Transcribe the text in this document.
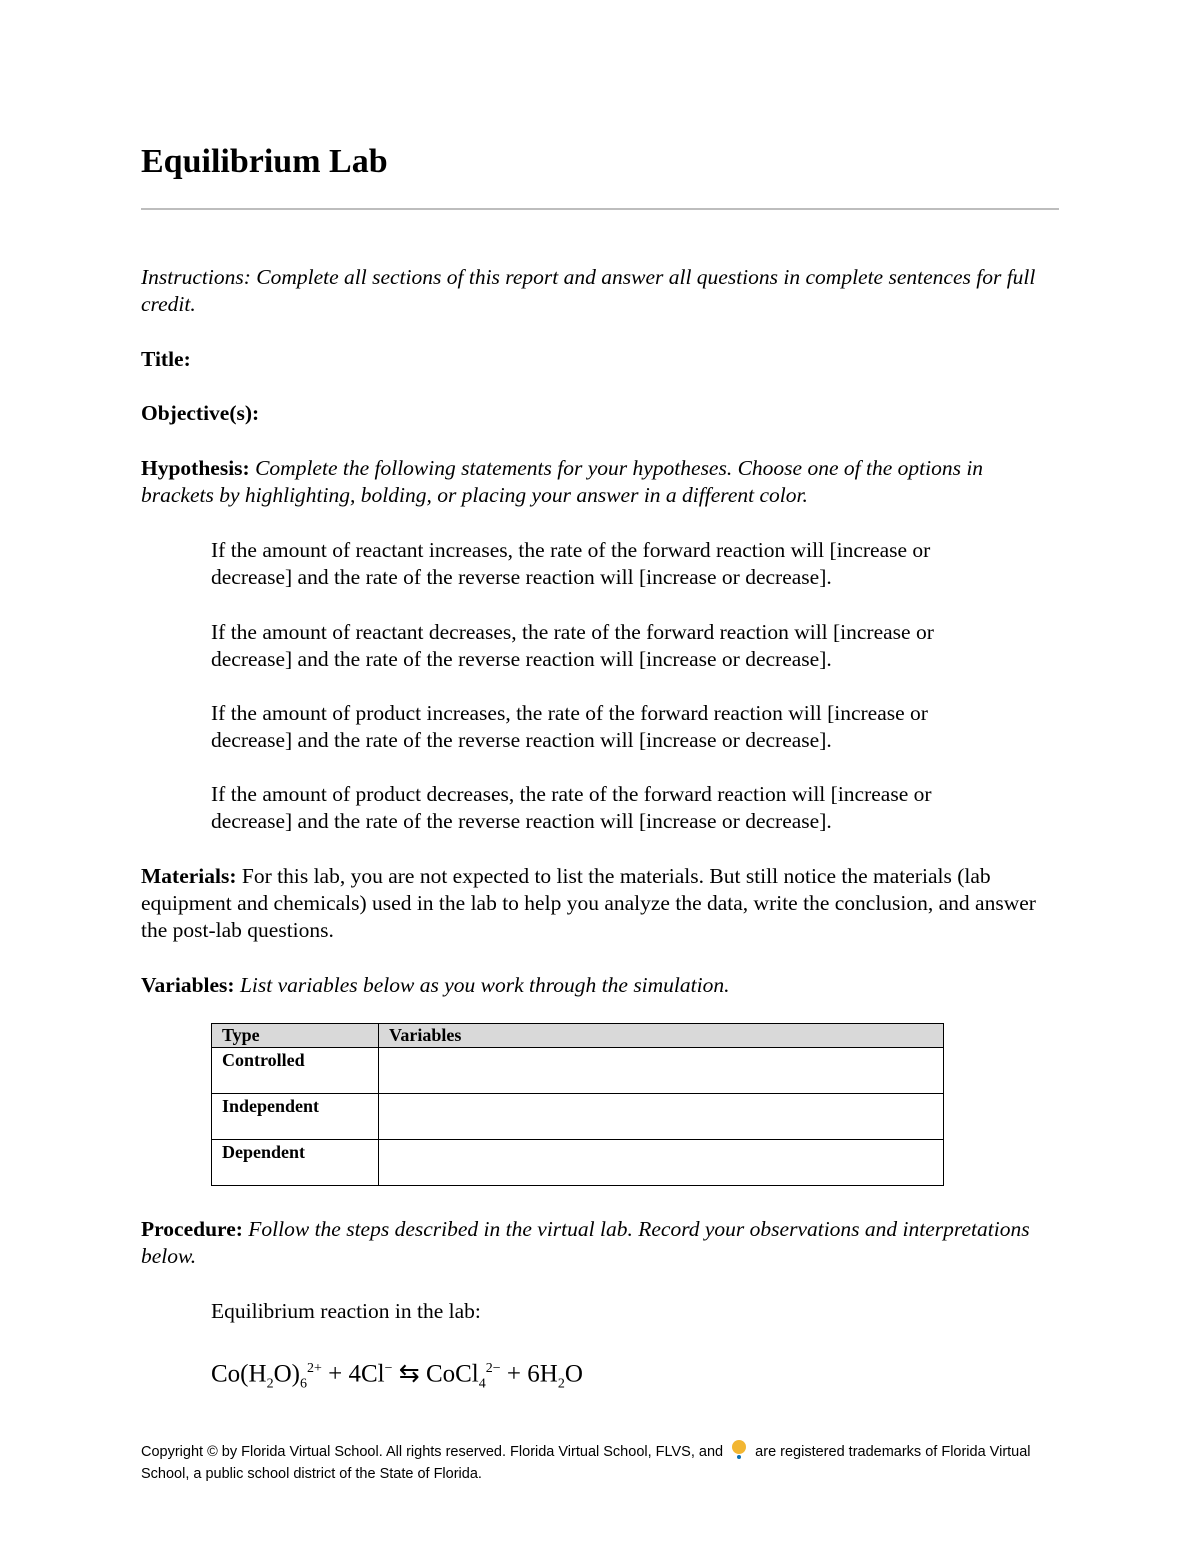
Equilibrium Lab
Instructions: Complete all sections of this report and answer all questions in complete sentences for full credit.
Title:
Objective(s):
Hypothesis: Complete the following statements for your hypotheses. Choose one of the options in brackets by highlighting, bolding, or placing your answer in a different color.
If the amount of reactant increases, the rate of the forward reaction will [increase or decrease] and the rate of the reverse reaction will [increase or decrease].
If the amount of reactant decreases, the rate of the forward reaction will [increase or decrease] and the rate of the reverse reaction will [increase or decrease].
If the amount of product increases, the rate of the forward reaction will [increase or decrease] and the rate of the reverse reaction will [increase or decrease].
If the amount of product decreases, the rate of the forward reaction will [increase or decrease] and the rate of the reverse reaction will [increase or decrease].
Materials: For this lab, you are not expected to list the materials. But still notice the materials (lab equipment and chemicals) used in the lab to help you analyze the data, write the conclusion, and answer the post-lab questions.
Variables: List variables below as you work through the simulation.
Type	Variables
Controlled	
Independent	
Dependent	
Procedure: Follow the steps described in the virtual lab. Record your observations and interpretations below.
Equilibrium reaction in the lab:
$Co(H_2O)_6^{2+} + 4Cl^-$ ⇆ CoCl$_4^{2-}$ + $6H_2O$
Copyright © by Florida Virtual School. All rights reserved. Florida Virtual School, FLVS, and are registered trademarks of Florida Virtual School, a public school district of the State of Florida.
